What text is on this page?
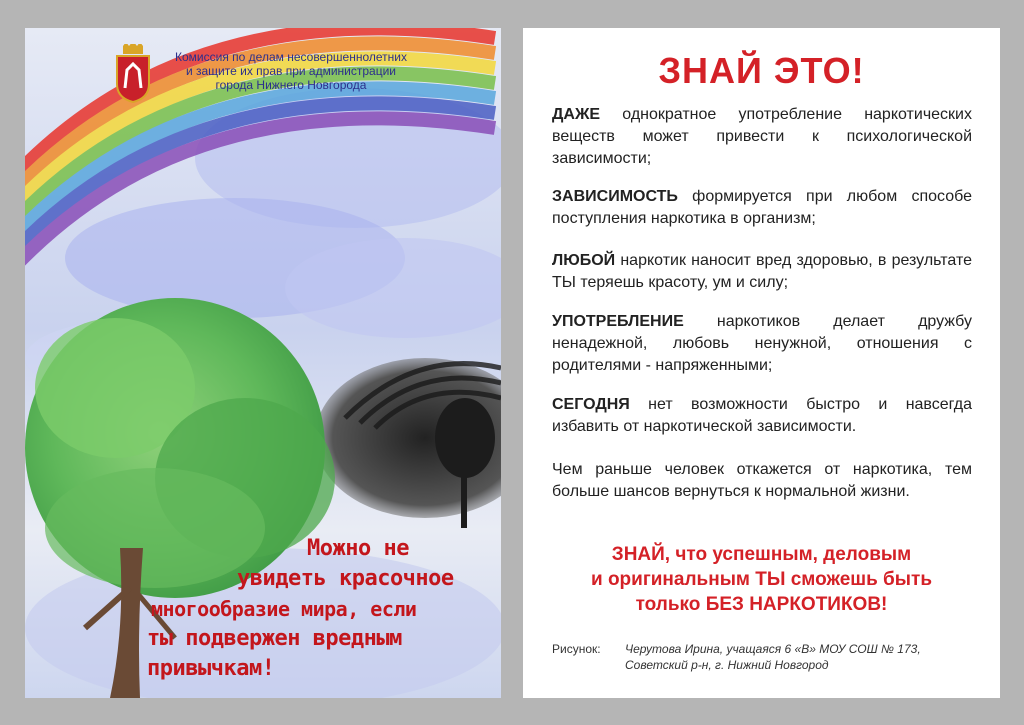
Комиссия по делам несовершеннолетних
и защите их прав при администрации
города Нижнего Новгорода
Можно не
увидеть красочное
многообразие мира, если
ты подвержен вредным
привычкам!
ЗНАЙ ЭТО!
ДАЖЕ однократное употребление наркотических веществ может привести к психологической зависимости;
ЗАВИСИМОСТЬ формируется при любом способе поступления наркотика в организм;
ЛЮБОЙ наркотик наносит вред здоровью, в результате ТЫ теряешь красоту, ум и силу;
УПОТРЕБЛЕНИЕ наркотиков делает дружбу ненадежной, любовь ненужной, отношения с родителями - напряженными;
СЕГОДНЯ нет возможности быстро и навсегда избавить от наркотической зависимости.
Чем раньше человек откажется от наркотика, тем больше шансов вернуться к нормальной жизни.
ЗНАЙ, что успешным, деловым
и оригинальным ТЫ сможешь быть
только БЕЗ НАРКОТИКОВ!
Рисунок:	Черутова Ирина, учащаяся 6 «В» МОУ СОШ № 173,
Советский р-н, г. Нижний Новгород
